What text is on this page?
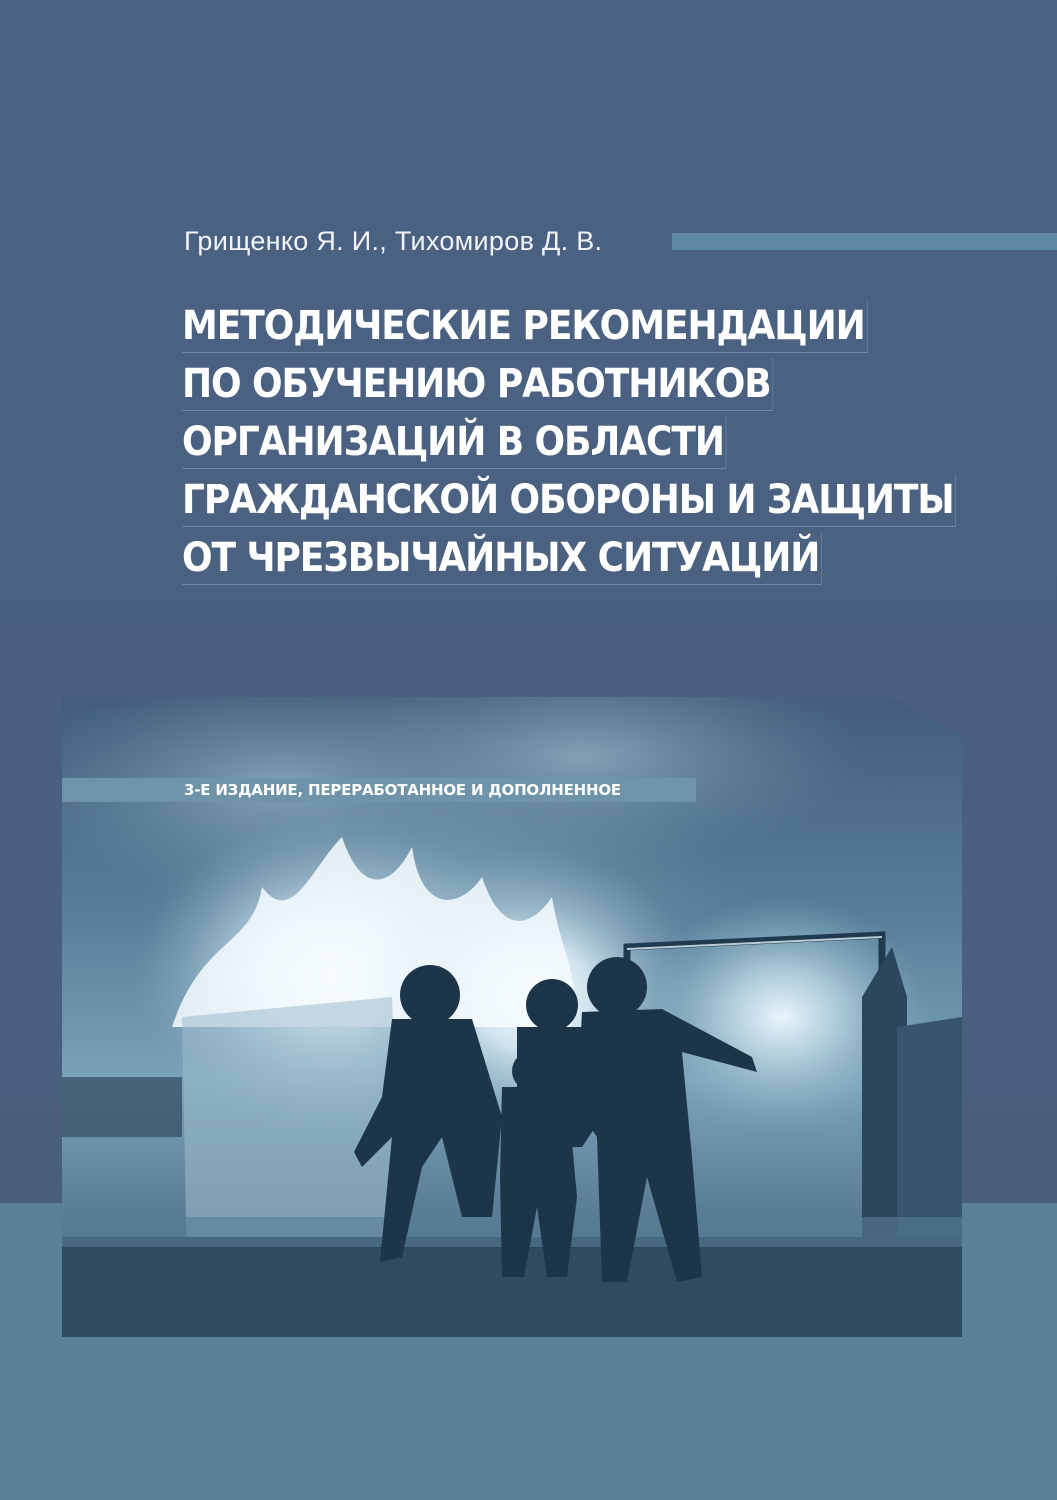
Грищенко Я. И., Тихомиров Д. В.
МЕТОДИЧЕСКИЕ РЕКОМЕНДАЦИИ
ПО ОБУЧЕНИЮ РАБОТНИКОВ
ОРГАНИЗАЦИЙ В ОБЛАСТИ
ГРАЖДАНСКОЙ ОБОРОНЫ И ЗАЩИТЫ
ОТ ЧРЕЗВЫЧАЙНЫХ СИТУАЦИЙ
3-Е ИЗДАНИЕ, ПЕРЕРАБОТАННОЕ И ДОПОЛНЕННОЕ
